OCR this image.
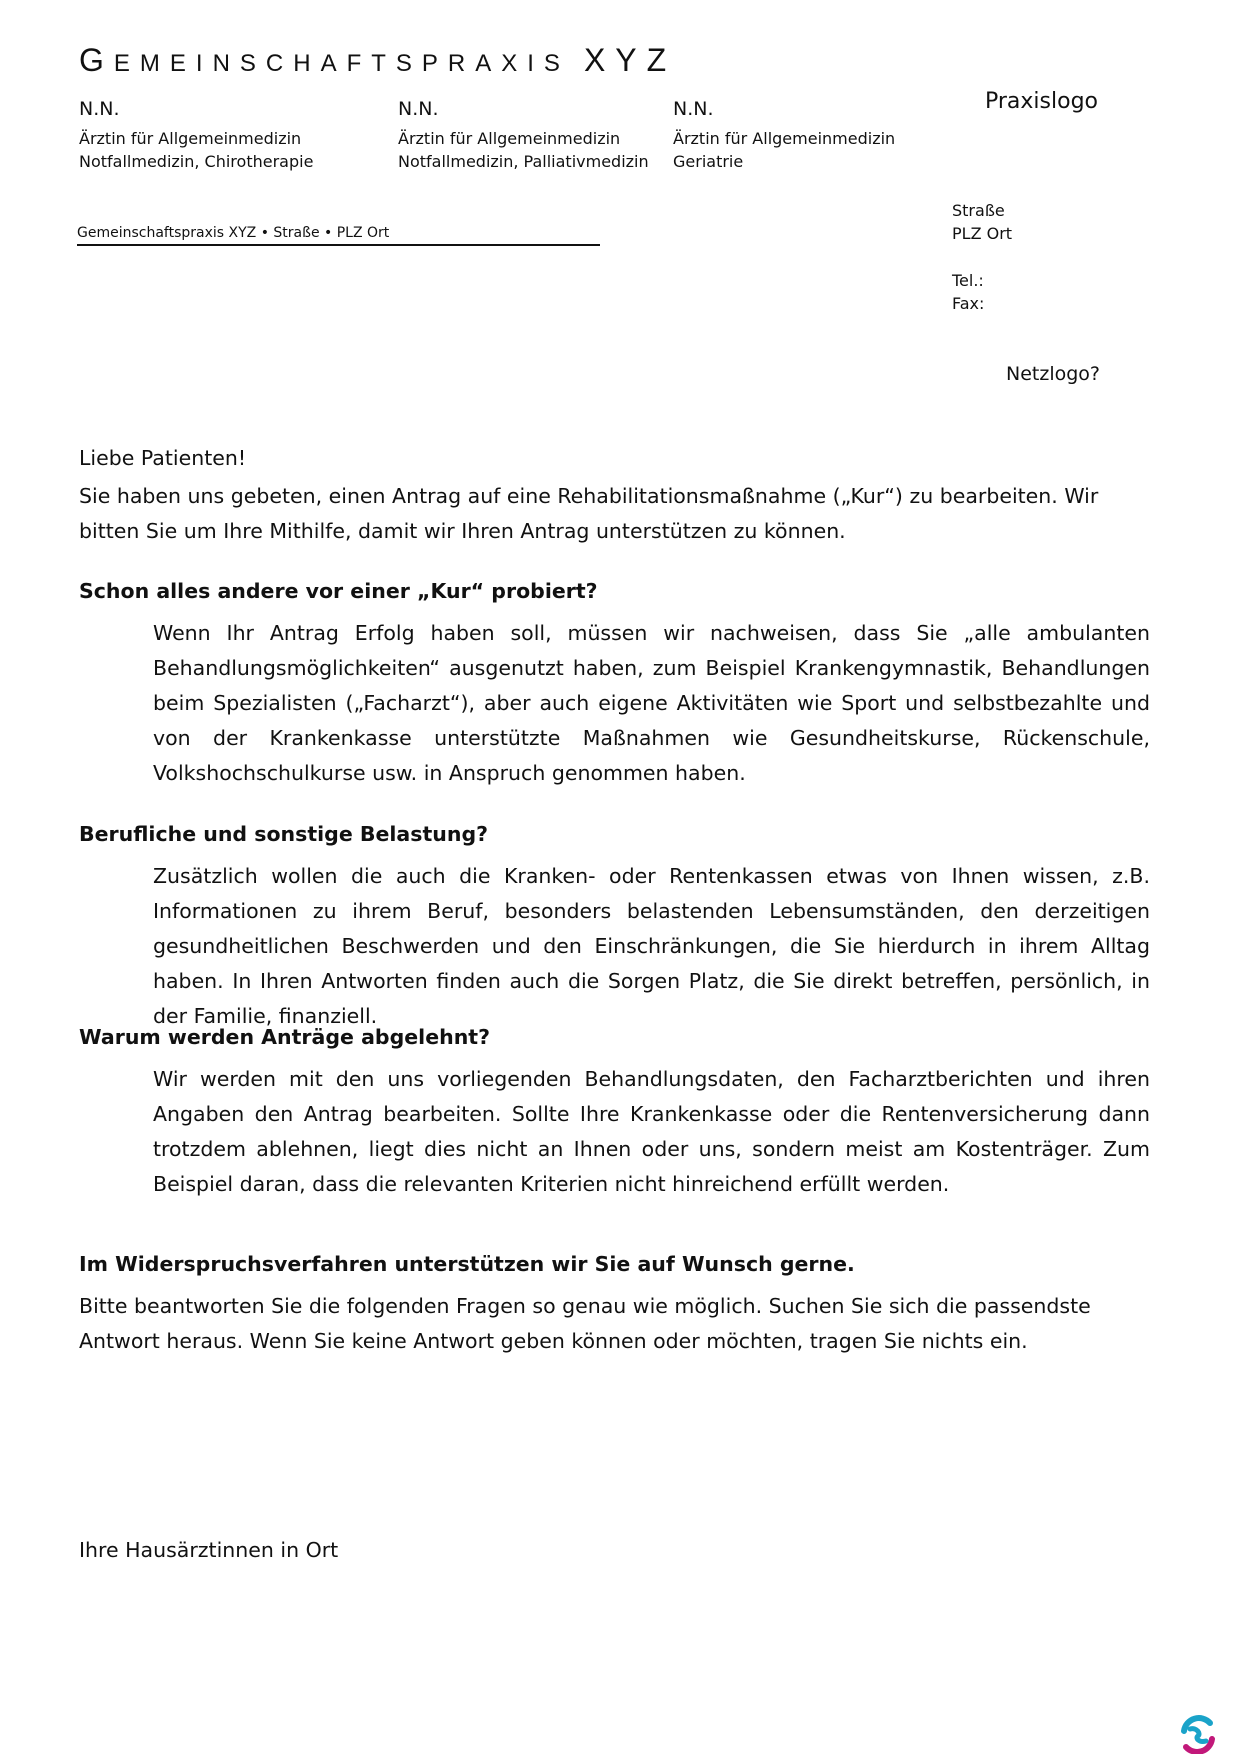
GEMEINSCHAFTSPRAXIS XYZ
N.N.
Ärztin für Allgemeinmedizin
Notfallmedizin, Chirotherapie
N.N.
Ärztin für Allgemeinmedizin
Notfallmedizin, Palliativmedizin
N.N.
Ärztin für Allgemeinmedizin
Geriatrie
Praxislogo
Straße
PLZ Ort
Tel.:
Fax:
Gemeinschaftspraxis XYZ • Straße • PLZ Ort
Netzlogo?
Liebe Patienten!
Sie haben uns gebeten, einen Antrag auf eine Rehabilitationsmaßnahme („Kur“) zu bearbeiten. Wir bitten Sie um Ihre Mithilfe, damit wir Ihren Antrag unterstützen zu können.
Schon alles andere vor einer „Kur“ probiert?
Wenn Ihr Antrag Erfolg haben soll, müssen wir nachweisen, dass Sie „alle ambulanten Behandlungsmöglichkeiten“ ausgenutzt haben, zum Beispiel Krankengymnastik, Behandlungen beim Spezialisten („Facharzt“), aber auch eigene Aktivitäten wie Sport und selbstbezahlte und von der Krankenkasse unterstützte Maßnahmen wie Gesundheitskurse, Rückenschule, Volkshochschulkurse usw. in Anspruch genommen haben.
Berufliche und sonstige Belastung?
Zusätzlich wollen die auch die Kranken- oder Rentenkassen etwas von Ihnen wissen, z.B. Informationen zu ihrem Beruf, besonders belastenden Lebensumständen, den derzeitigen gesundheitlichen Beschwerden und den Einschränkungen, die Sie hierdurch in ihrem Alltag haben. In Ihren Antworten finden auch die Sorgen Platz, die Sie direkt betreffen, persönlich, in der Familie, finanziell.
Warum werden Anträge abgelehnt?
Wir werden mit den uns vorliegenden Behandlungsdaten, den Facharztberichten und ihren Angaben den Antrag bearbeiten. Sollte Ihre Krankenkasse oder die Rentenversicherung dann trotzdem ablehnen, liegt dies nicht an Ihnen oder uns, sondern meist am Kostenträger. Zum Beispiel daran, dass die relevanten Kriterien nicht hinreichend erfüllt werden.
Im Widerspruchsverfahren unterstützen wir Sie auf Wunsch gerne.
Bitte beantworten Sie die folgenden Fragen so genau wie möglich. Suchen Sie sich die passendste Antwort heraus. Wenn Sie keine Antwort geben können oder möchten, tragen Sie nichts ein.
Ihre Hausärztinnen in Ort
